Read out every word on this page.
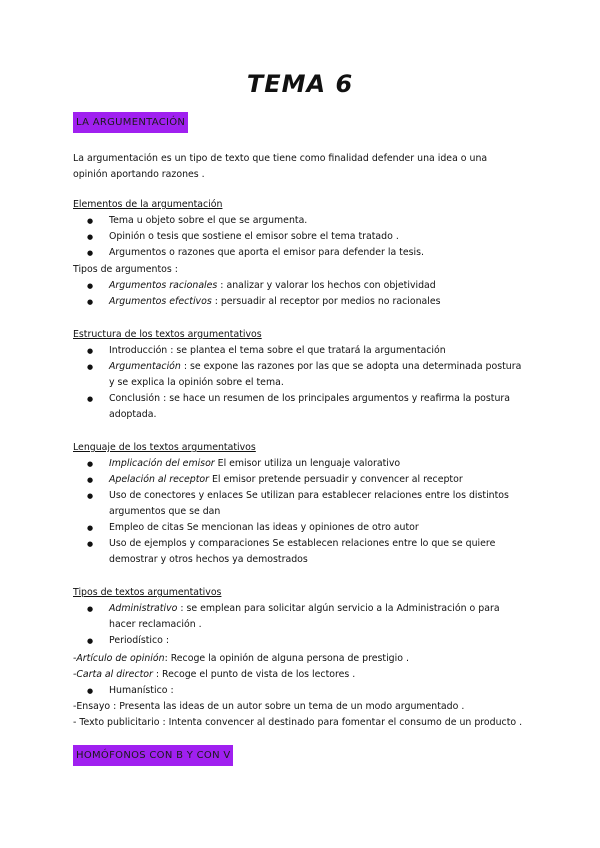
TEMA 6
LA ARGUMENTACIÓN
La argumentación es un tipo de texto que tiene como finalidad defender una idea o una opinión aportando razones .
Elementos de la argumentación
● Tema u objeto sobre el que se argumenta.
● Opinión o tesis que sostiene el emisor sobre el tema tratado .
● Argumentos o razones que aporta el emisor para defender la tesis.
Tipos de argumentos :
● Argumentos racionales : analizar y valorar los hechos con objetividad
● Argumentos efectivos : persuadir al receptor por medios no racionales
Estructura de los textos argumentativos
● Introducción : se plantea el tema sobre el que tratará la argumentación
● Argumentación : se expone las razones por las que se adopta una determinada postura y se explica la opinión sobre el tema.
● Conclusión : se hace un resumen de los principales argumentos y reafirma la postura adoptada.
Lenguaje de los textos argumentativos
● Implicación del emisor El emisor utiliza un lenguaje valorativo
● Apelación al receptor El emisor pretende persuadir y convencer al receptor
● Uso de conectores y enlaces Se utilizan para establecer relaciones entre los distintos argumentos que se dan
● Empleo de citas Se mencionan las ideas y opiniones de otro autor
● Uso de ejemplos y comparaciones Se establecen relaciones entre lo que se quiere demostrar y otros hechos ya demostrados
Tipos de textos argumentativos
● Administrativo : se emplean para solicitar algún servicio a la Administración o para hacer reclamación .
● Periodístico :
-Artículo de opinión: Recoge la opinión de alguna persona de prestigio .
-Carta al director : Recoge el punto de vista de los lectores .
● Humanístico :
-Ensayo : Presenta las ideas de un autor sobre un tema de un modo argumentado .
- Texto publicitario : Intenta convencer al destinado para fomentar el consumo de un producto .
HOMÓFONOS CON B Y CON V
